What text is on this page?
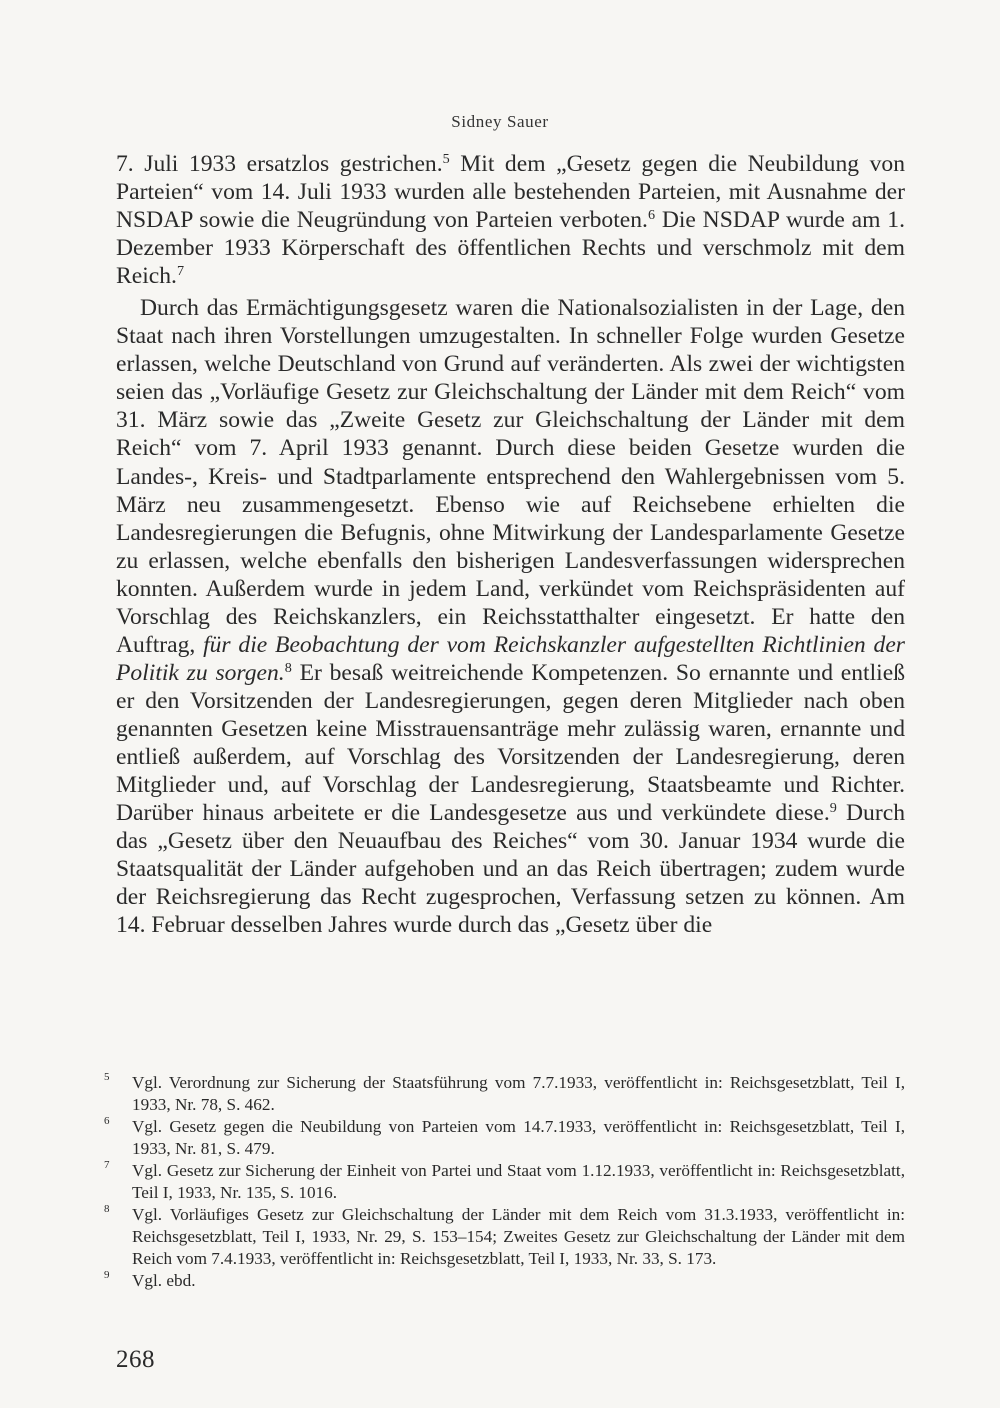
Sidney Sauer

7. Juli 1933 ersatzlos gestrichen.$^5$ Mit dem „Gesetz gegen die Neubildung von Parteien“ vom 14. Juli 1933 wurden alle bestehenden Parteien, mit Ausnahme der NSDAP sowie die Neugründung von Parteien verboten.$^6$ Die NSDAP wurde am 1. Dezember 1933 Körperschaft des öffentlichen Rechts und verschmolz mit dem Reich.$^7$

Durch das Ermächtigungsgesetz waren die Nationalsozialisten in der Lage, den Staat nach ihren Vorstellungen umzugestalten. In schneller Folge wurden Gesetze erlassen, welche Deutschland von Grund auf veränderten. Als zwei der wichtigsten seien das „Vorläufige Gesetz zur Gleichschaltung der Länder mit dem Reich“ vom 31. März sowie das „Zweite Gesetz zur Gleichschaltung der Länder mit dem Reich“ vom 7. April 1933 genannt. Durch diese beiden Gesetze wurden die Landes-, Kreis- und Stadtparlamente entsprechend den Wahlergebnissen vom 5. März neu zusammengesetzt. Ebenso wie auf Reichsebene erhielten die Landesregierungen die Befugnis, ohne Mitwirkung der Landesparlamente Gesetze zu erlassen, welche ebenfalls den bisherigen Landesverfassungen widersprechen konnten. Außerdem wurde in jedem Land, verkündet vom Reichspräsidenten auf Vorschlag des Reichskanzlers, ein Reichsstatthalter eingesetzt. Er hatte den Auftrag, für die Beobachtung der vom Reichskanzler aufgestellten Richtlinien der Politik zu sorgen.$^8$ Er besaß weitreichende Kompetenzen. So ernannte und entließ er den Vorsitzenden der Landesregierungen, gegen deren Mitglieder nach oben genannten Gesetzen keine Misstrauensanträge mehr zulässig waren, ernannte und entließ außerdem, auf Vorschlag des Vorsitzenden der Landesregierung, deren Mitglieder und, auf Vorschlag der Landesregierung, Staatsbeamte und Richter. Darüber hinaus arbeitete er die Landesgesetze aus und verkündete diese.$^9$ Durch das „Gesetz über den Neuaufbau des Reiches“ vom 30. Januar 1934 wurde die Staatsqualität der Länder aufgehoben und an das Reich übertragen; zudem wurde der Reichsregierung das Recht zugesprochen, Verfassung setzen zu können. Am 14. Februar desselben Jahres wurde durch das „Gesetz über die

5 Vgl. Verordnung zur Sicherung der Staatsführung vom 7.7.1933, veröffentlicht in: Reichsgesetzblatt, Teil I, 1933, Nr. 78, S. 462.
6 Vgl. Gesetz gegen die Neubildung von Parteien vom 14.7.1933, veröffentlicht in: Reichsgesetzblatt, Teil I, 1933, Nr. 81, S. 479.
7 Vgl. Gesetz zur Sicherung der Einheit von Partei und Staat vom 1.12.1933, veröffentlicht in: Reichsgesetzblatt, Teil I, 1933, Nr. 135, S. 1016.
8 Vgl. Vorläufiges Gesetz zur Gleichschaltung der Länder mit dem Reich vom 31.3.1933, veröffentlicht in: Reichsgesetzblatt, Teil I, 1933, Nr. 29, S. 153–154; Zweites Gesetz zur Gleichschaltung der Länder mit dem Reich vom 7.4.1933, veröffentlicht in: Reichsgesetzblatt, Teil I, 1933, Nr. 33, S. 173.
9 Vgl. ebd.
268
